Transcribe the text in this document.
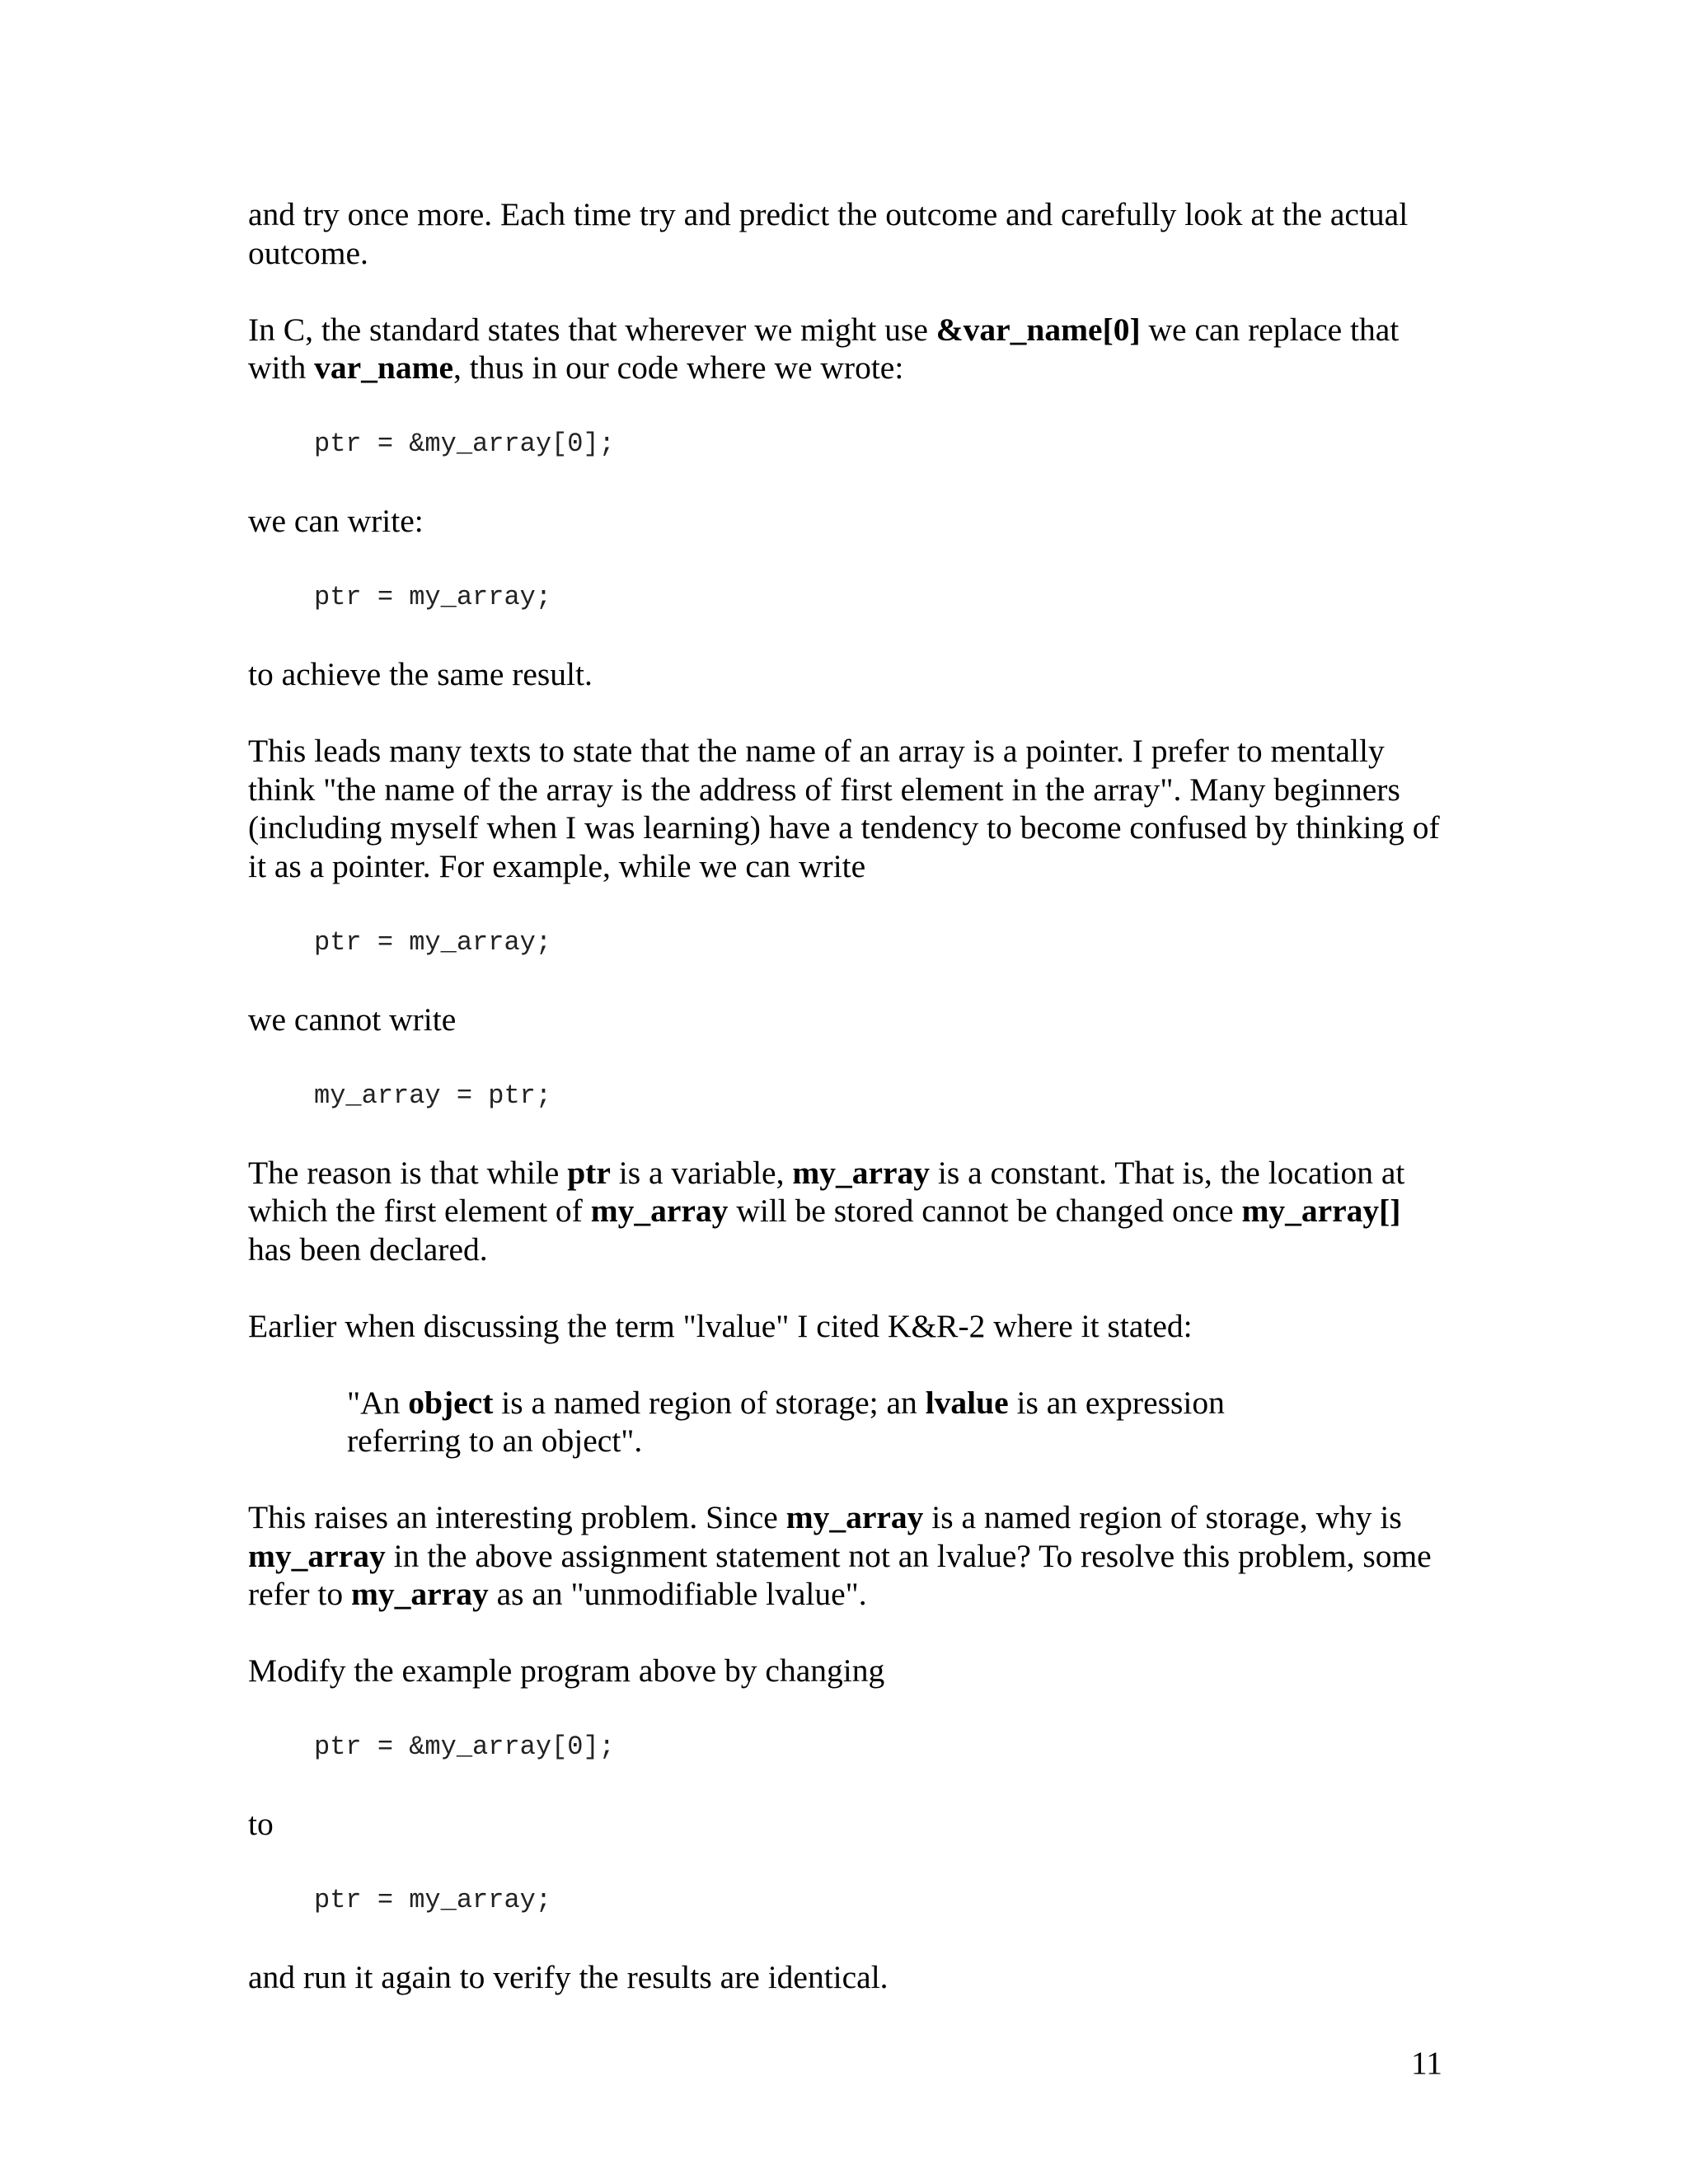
and try once more. Each time try and predict the outcome and carefully look at the actual outcome.

In C, the standard states that wherever we might use &var_name[0] we can replace that with var_name, thus in our code where we wrote:

ptr = &my_array[0];

we can write:

ptr = my_array;

to achieve the same result.

This leads many texts to state that the name of an array is a pointer. I prefer to mentally think "the name of the array is the address of first element in the array". Many beginners (including myself when I was learning) have a tendency to become confused by thinking of it as a pointer. For example, while we can write

ptr = my_array;

we cannot write

my_array = ptr;

The reason is that while ptr is a variable, my_array is a constant. That is, the location at which the first element of my_array will be stored cannot be changed once my_array[] has been declared.

Earlier when discussing the term "lvalue" I cited K&R-2 where it stated:

"An object is a named region of storage; an lvalue is an expression referring to an object".

This raises an interesting problem. Since my_array is a named region of storage, why is my_array in the above assignment statement not an lvalue? To resolve this problem, some refer to my_array as an "unmodifiable lvalue".

Modify the example program above by changing

ptr = &my_array[0];

to

ptr = my_array;

and run it again to verify the results are identical.

11
